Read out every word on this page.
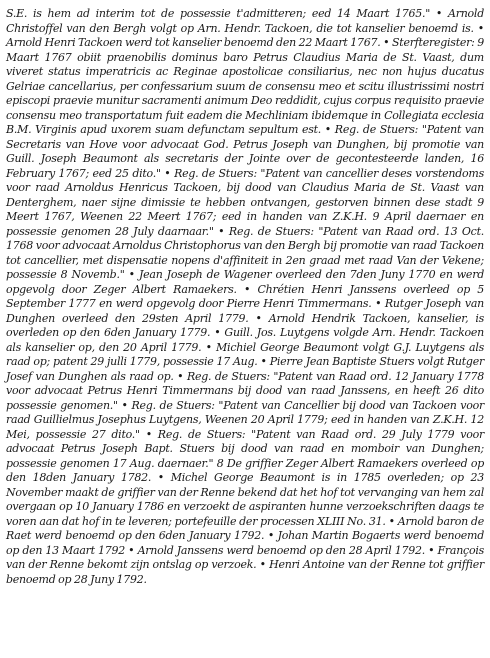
S.E. is hem ad interim tot de possessie t'admitteren; eed 14 Maart 1765." • Arnold Christoffel van den Bergh volgt op Arn. Hendr. Tackoen, die tot kanselier benoemd is. • Arnold Henri Tackoen werd tot kanselier benoemd den 22 Maart 1767. • Sterfteregister: 9 Maart 1767 obiit praenobilis dominus baro Petrus Claudius Maria de St. Vaast, dum viveret status imperatricis ac Reginae apostolicae consiliarius, nec non hujus ducatus Gelriae cancellarius, per confessarium suum de consensu meo et scitu illustrissimi nostri episcopi praevie munitur sacramenti animum Deo reddidit, cujus corpus requisito praevie consensu meo transportatum fuit eadem die Mechliniam ibidemque in Collegiata ecclesia B.M. Virginis apud uxorem suam defunctam sepultum est. • Reg. de Stuers: "Patent van Secretaris van Hove voor advocaat God. Petrus Joseph van Dunghen, bij promotie van Guill. Joseph Beaumont als secretaris der Jointe over de gecontesteerde landen, 16 February 1767; eed 25 dito." • Reg. de Stuers: "Patent van cancellier deses vorstendoms voor raad Arnoldus Henricus Tackoen, bij dood van Claudius Maria de St. Vaast van Denterghem, naer sijne dimissie te hebben ontvangen, gestorven binnen dese stadt 9 Meert 1767, Weenen 22 Meert 1767; eed in handen van Z.K.H. 9 April daernaer en possessie genomen 28 July daarnaar." • Reg. de Stuers: "Patent van Raad ord. 13 Oct. 1768 voor advocaat Arnoldus Christophorus van den Bergh bij promotie van raad Tackoen tot cancellier, met dispensatie nopens d'affiniteit in 2en graad met raad Van der Vekene; possessie 8 Novemb." • Jean Joseph de Wagener overleed den 7den Juny 1770 en werd opgevolg door Zeger Albert Ramaekers. • Chrétien Henri Janssens overleed op 5 September 1777 en werd opgevolg door Pierre Henri Timmermans. • Rutger Joseph van Dunghen overleed den 29sten April 1779. • Arnold Hendrik Tackoen, kanselier, is overleden op den 6den January 1779. • Guill. Jos. Luytgens volgde Arn. Hendr. Tackoen als kanselier op, den 20 April 1779. • Michiel George Beaumont volgt G.J. Luytgens als raad op; patent 29 julli 1779, possessie 17 Aug. • Pierre Jean Baptiste Stuers volgt Rutger Josef van Dunghen als raad op. • Reg. de Stuers: "Patent van Raad ord. 12 January 1778 voor advocaat Petrus Henri Timmermans bij dood van raad Janssens, en heeft 26 dito possessie genomen." • Reg. de Stuers: "Patent van Cancellier bij dood van Tackoen voor raad Guillielmus Josephus Luytgens, Weenen 20 April 1779; eed in handen van Z.K.H. 12 Mei, possessie 27 dito." • Reg. de Stuers: "Patent van Raad ord. 29 July 1779 voor advocaat Petrus Joseph Bapt. Stuers bij dood van raad en momboir van Dunghen; possessie genomen 17 Aug. daernaer." 8 De griffier Zeger Albert Ramaekers overleed op den 18den January 1782. • Michel George Beaumont is in 1785 overleden; op 23 November maakt de griffier van der Renne bekend dat het hof tot vervanging van hem zal overgaan op 10 January 1786 en verzoekt de aspiranten hunne verzoekschriften daags te voren aan dat hof in te leveren; portefeuille der processen XLIII No. 31. • Arnold baron de Raet werd benoemd op den 6den January 1792. • Johan Martin Bogaerts werd benoemd op den 13 Maart 1792 • Arnold Janssens werd benoemd op den 28 April 1792. • François van der Renne bekomt zijn ontslag op verzoek. • Henri Antoine van der Renne tot griffier benoemd op 28 Juny 1792.
